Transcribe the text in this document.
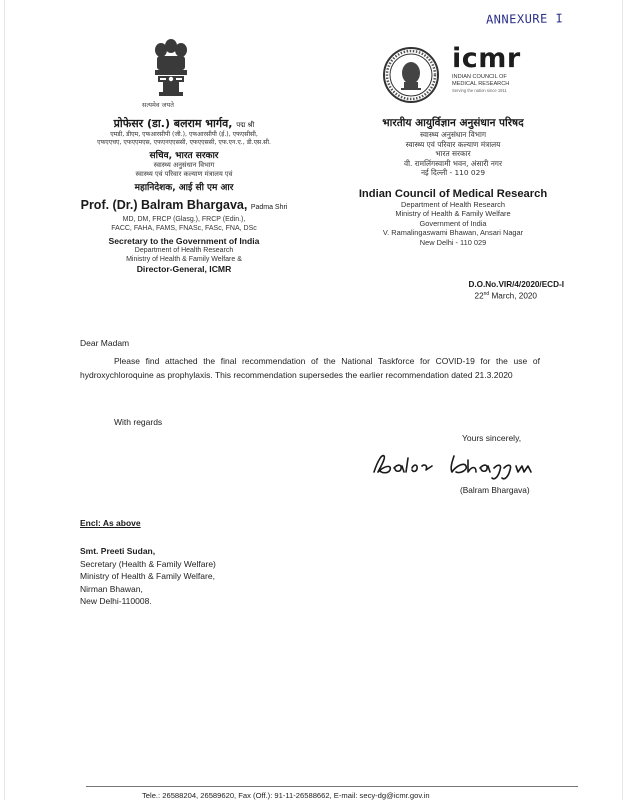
ANNEXURE I
सत्यमेव जयते
प्रोफेसर (डा.) बलराम भार्गव, पद्म श्री
एमडी, डीएम, एफआरसीपी (जी.), एफआरसीपी (ई.), एफएसीसी,
एफएएचए, एफएएमएस, एफएनएएससी, एफएएससी, एफ.एन.ए., डी.एस.सी.
सचिव, भारत सरकार
स्वास्थ्य अनुसंधान विभाग
स्वास्थ्य एवं परिवार कल्याण मंत्रालय एवं
महानिदेशक, आई सी एम आर
Prof. (Dr.) Balram Bhargava, Padma Shri
MD, DM, FRCP (Glasg.), FRCP (Edin.),
FACC, FAHA, FAMS, FNASc, FASc, FNA, DSc
Secretary to the Government of India
Department of Health Research
Ministry of Health & Family Welfare &
Director-General, ICMR
icmr
INDIAN COUNCIL OF
MEDICAL RESEARCH
Serving the nation since 1911
भारतीय आयुर्विज्ञान अनुसंधान परिषद
स्वास्थ्य अनुसंधान विभाग
स्वास्थ्य एवं परिवार कल्याण मंत्रालय
भारत सरकार
वी. रामलिंगस्वामी भवन, अंसारी नगर
नई दिल्ली - 110 029
Indian Council of Medical Research
Department of Health Research
Ministry of Health & Family Welfare
Government of India
V. Ramalingaswami Bhawan, Ansari Nagar
New Delhi - 110 029
D.O.No.VIR/4/2020/ECD-I
22nd March, 2020
Dear Madam
Please find attached the final recommendation of the National Taskforce for COVID-19 for the use of hydroxychloroquine as prophylaxis. This recommendation supersedes the earlier recommendation dated 21.3.2020
With regards
Yours sincerely,
Balram Bhargava
(Balram Bhargava)
Encl: As above
Smt. Preeti Sudan,
Secretary (Health & Family Welfare)
Ministry of Health & Family Welfare,
Nirman Bhawan,
New Delhi-110008.
Tele.: 26588204, 26589620, Fax (Off.): 91-11-26588662, E-mail: secy-dg@icmr.gov.in
